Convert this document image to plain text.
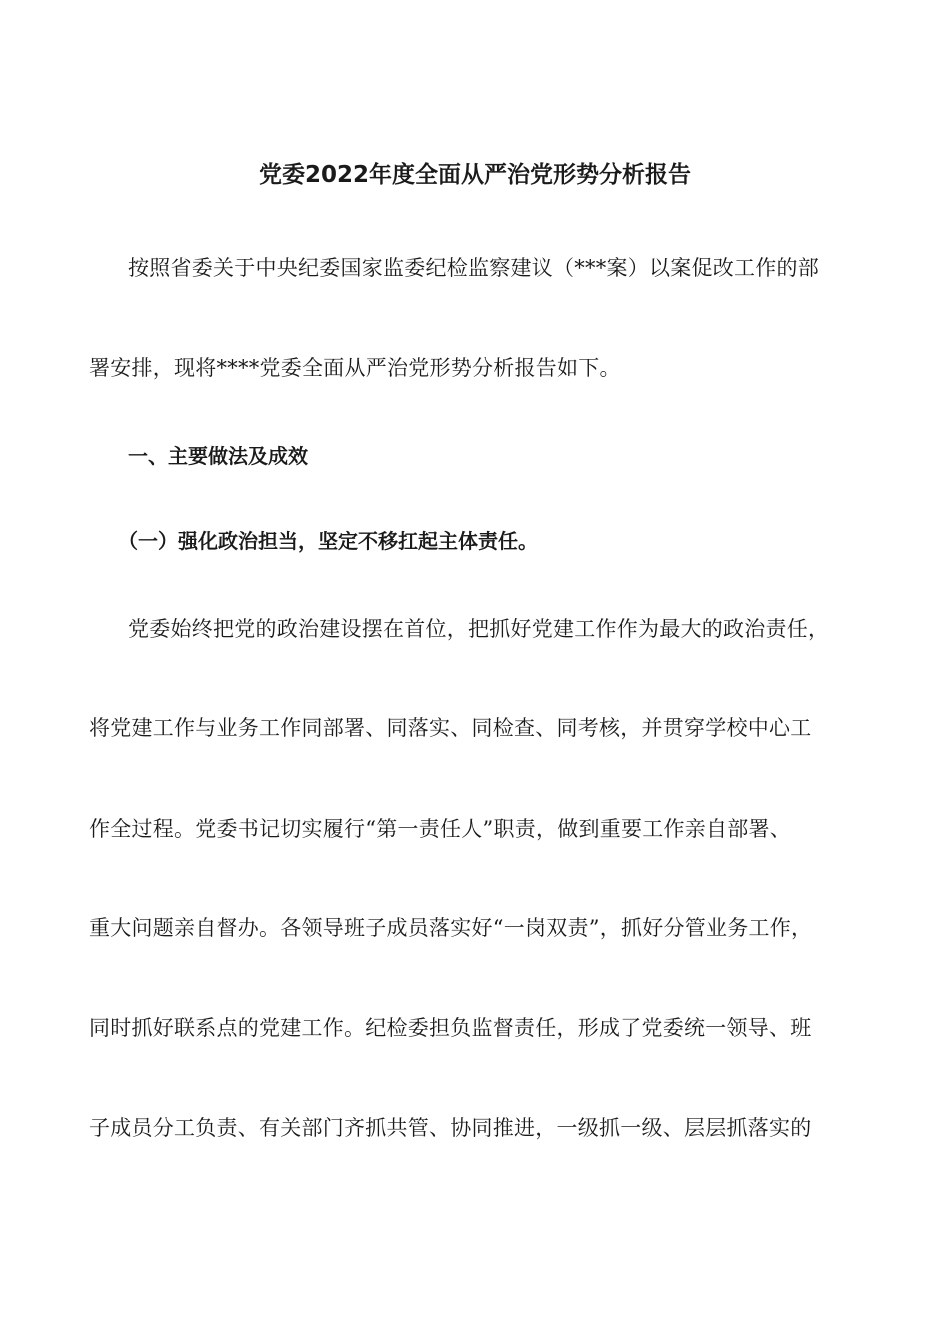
党委2022年度全面从严治党形势分析报告
按照省委关于中央纪委国家监委纪检监察建议（***案）以案促改工作的部
署安排，现将****党委全面从严治党形势分析报告如下。
一、主要做法及成效
（一）强化政治担当，坚定不移扛起主体责任。
党委始终把党的政治建设摆在首位，把抓好党建工作作为最大的政治责任，
将党建工作与业务工作同部署、同落实、同检查、同考核，并贯穿学校中心工
作全过程。党委书记切实履行“第一责任人”职责，做到重要工作亲自部署、
重大问题亲自督办。各领导班子成员落实好“一岗双责”，抓好分管业务工作，
同时抓好联系点的党建工作。纪检委担负监督责任，形成了党委统一领导、班
子成员分工负责、有关部门齐抓共管、协同推进，一级抓一级、层层抓落实的
